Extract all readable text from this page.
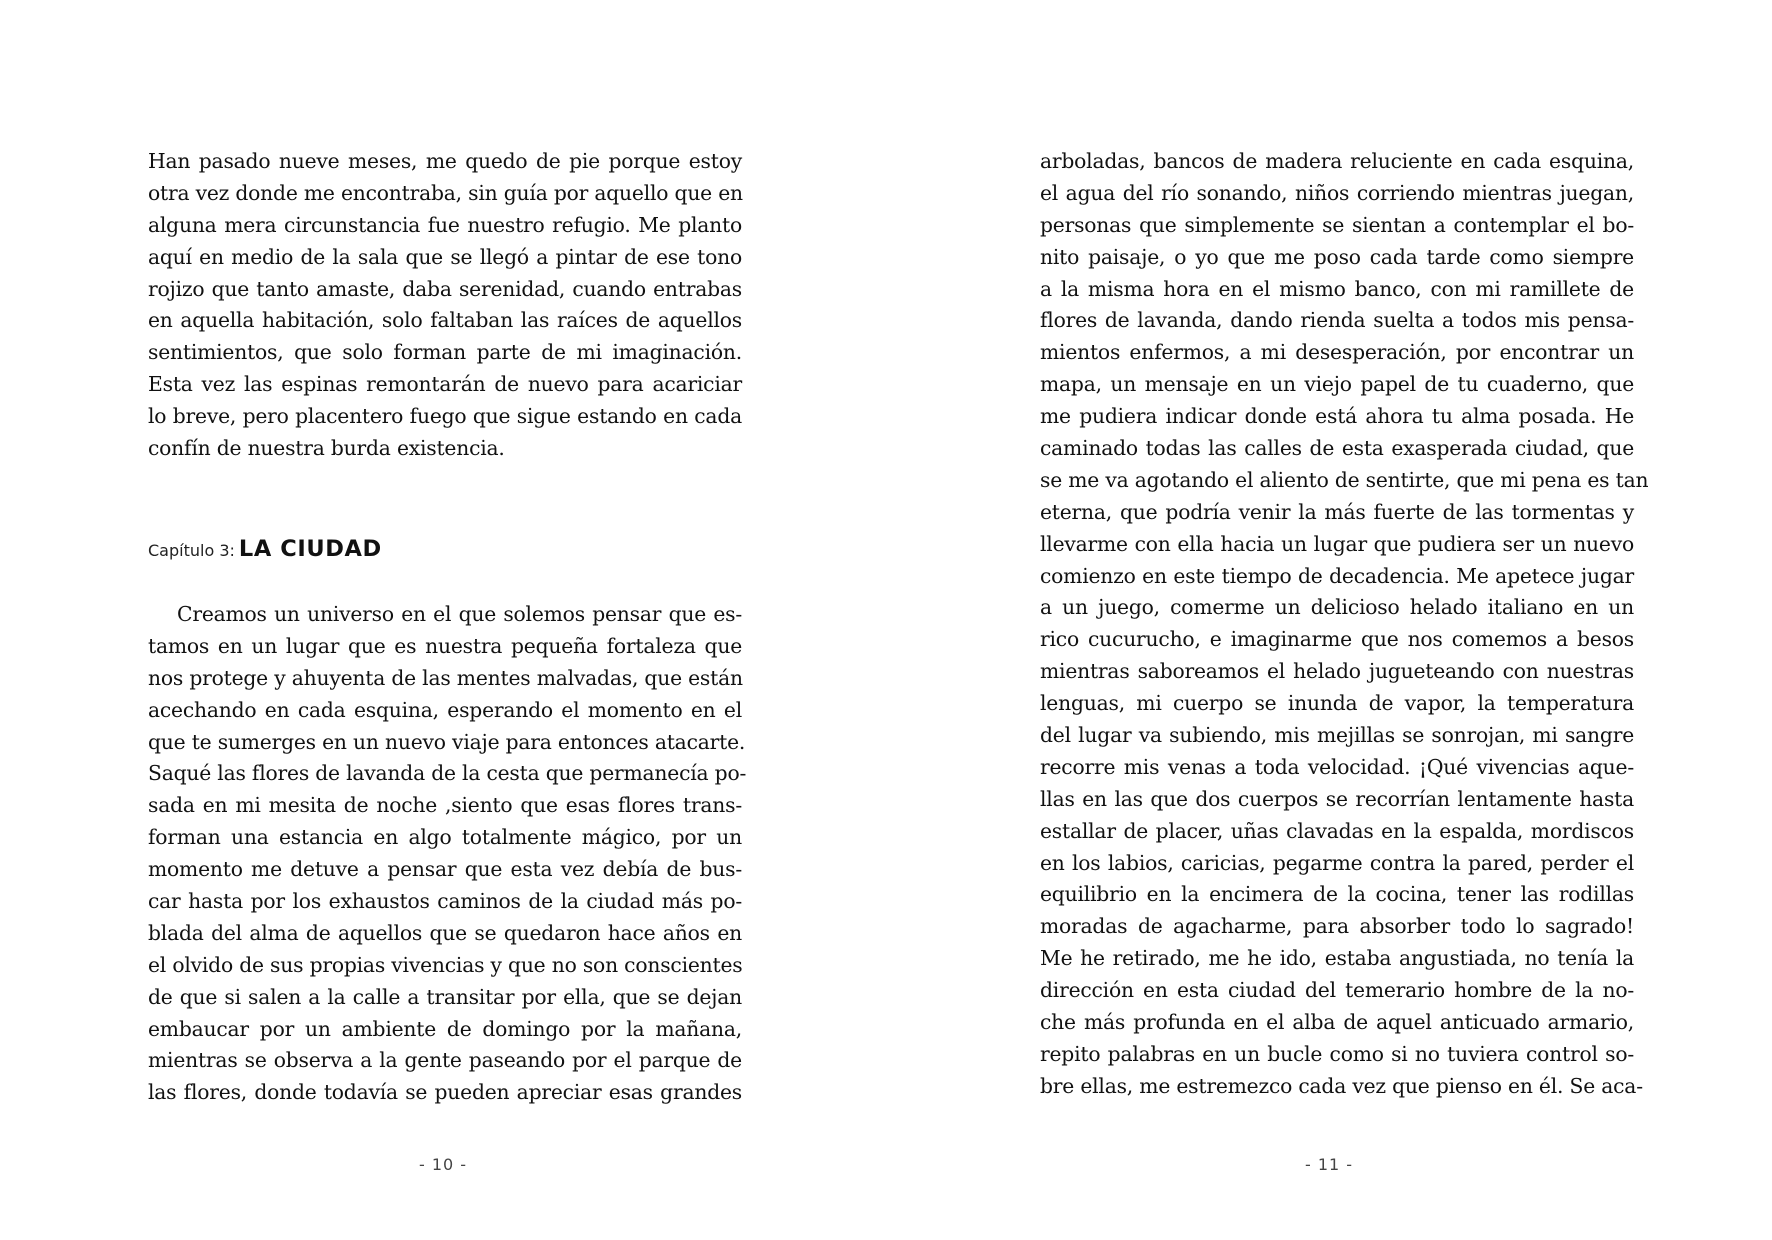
Han pasado nueve meses, me quedo de pie porque estoy
otra vez donde me encontraba, sin guía por aquello que en
alguna mera circunstancia fue nuestro refugio. Me planto
aquí en medio de la sala que se llegó a pintar de ese tono
rojizo que tanto amaste, daba serenidad, cuando entrabas
en aquella habitación, solo faltaban las raíces de aquellos
sentimientos, que solo forman parte de mi imaginación.
Esta vez las espinas remontarán de nuevo para acariciar
lo breve, pero placentero fuego que sigue estando en cada
confín de nuestra burda existencia.
Capítulo 3: LA CIUDAD
Creamos un universo en el que solemos pensar que es-
tamos en un lugar que es nuestra pequeña fortaleza que
nos protege y ahuyenta de las mentes malvadas, que están
acechando en cada esquina, esperando el momento en el
que te sumerges en un nuevo viaje para entonces atacarte.
Saqué las flores de lavanda de la cesta que permanecía po-
sada en mi mesita de noche ,siento que esas flores trans-
forman una estancia en algo totalmente mágico, por un
momento me detuve a pensar que esta vez debía de bus-
car hasta por los exhaustos caminos de la ciudad más po-
blada del alma de aquellos que se quedaron hace años en
el olvido de sus propias vivencias y que no son conscientes
de que si salen a la calle a transitar por ella, que se dejan
embaucar por un ambiente de domingo por la mañana,
mientras se observa a la gente paseando por el parque de
las flores, donde todavía se pueden apreciar esas grandes
- 10 -
arboladas, bancos de madera reluciente en cada esquina,
el agua del río sonando, niños corriendo mientras juegan,
personas que simplemente se sientan a contemplar el bo-
nito paisaje, o yo que me poso cada tarde como siempre
a la misma hora en el mismo banco, con mi ramillete de
flores de lavanda, dando rienda suelta a todos mis pensa-
mientos enfermos, a mi desesperación, por encontrar un
mapa, un mensaje en un viejo papel de tu cuaderno, que
me pudiera indicar donde está ahora tu alma posada. He
caminado todas las calles de esta exasperada ciudad, que
se me va agotando el aliento de sentirte, que mi pena es tan
eterna, que podría venir la más fuerte de las tormentas y
llevarme con ella hacia un lugar que pudiera ser un nuevo
comienzo en este tiempo de decadencia. Me apetece jugar
a un juego, comerme un delicioso helado italiano en un
rico cucurucho, e imaginarme que nos comemos a besos
mientras saboreamos el helado jugueteando con nuestras
lenguas, mi cuerpo se inunda de vapor, la temperatura
del lugar va subiendo, mis mejillas se sonrojan, mi sangre
recorre mis venas a toda velocidad. ¡Qué vivencias aque-
llas en las que dos cuerpos se recorrían lentamente hasta
estallar de placer, uñas clavadas en la espalda, mordiscos
en los labios, caricias, pegarme contra la pared, perder el
equilibrio en la encimera de la cocina, tener las rodillas
moradas de agacharme, para absorber todo lo sagrado!
Me he retirado, me he ido, estaba angustiada, no tenía la
dirección en esta ciudad del temerario hombre de la no-
che más profunda en el alba de aquel anticuado armario,
repito palabras en un bucle como si no tuviera control so-
bre ellas, me estremezco cada vez que pienso en él. Se aca-
- 11 -
